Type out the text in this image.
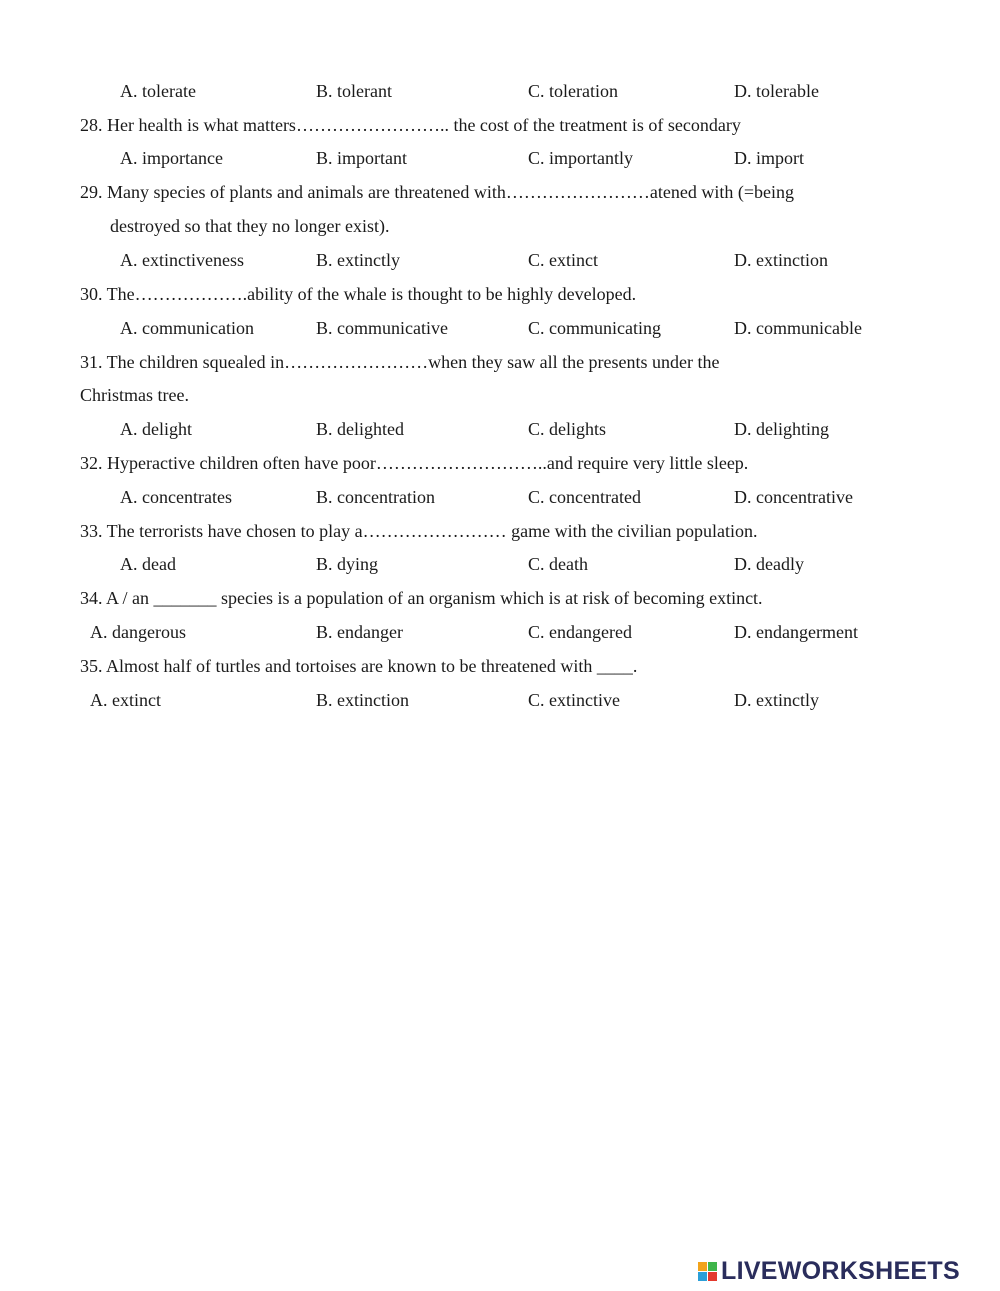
A. tolerate	B. tolerant	C. toleration	D. tolerable
28. Her health is what matters…………………….. the cost of the treatment is of secondary
A. importance	B. important	C. importantly	D. import
29. Many species of plants and animals are threatened with……………………atened with (=being
destroyed so that they no longer exist).
A. extinctiveness	B. extinctly	C. extinct	D. extinction
30. The……………….ability of the whale is thought to be highly developed.
A. communication	B. communicative	C. communicating	D. communicable
31. The children squealed in……………………when they saw all the presents under the
Christmas tree.
A. delight	B. delighted	C. delights	D. delighting
32. Hyperactive children often have poor………………………..and require very little sleep.
A. concentrates	B. concentration	C. concentrated	D. concentrative
33. The terrorists have chosen to play a…………………… game with the civilian population.
A. dead	B. dying	C. death	D. deadly
34. A / an _______ species is a population of an organism which is at risk of becoming extinct.
A. dangerous	B. endanger	C. endangered	D. endangerment
35. Almost half of turtles and tortoises are known to be threatened with ____.
A. extinct	B. extinction	C. extinctive	D. extinctly
LIVEWORKSHEETS
